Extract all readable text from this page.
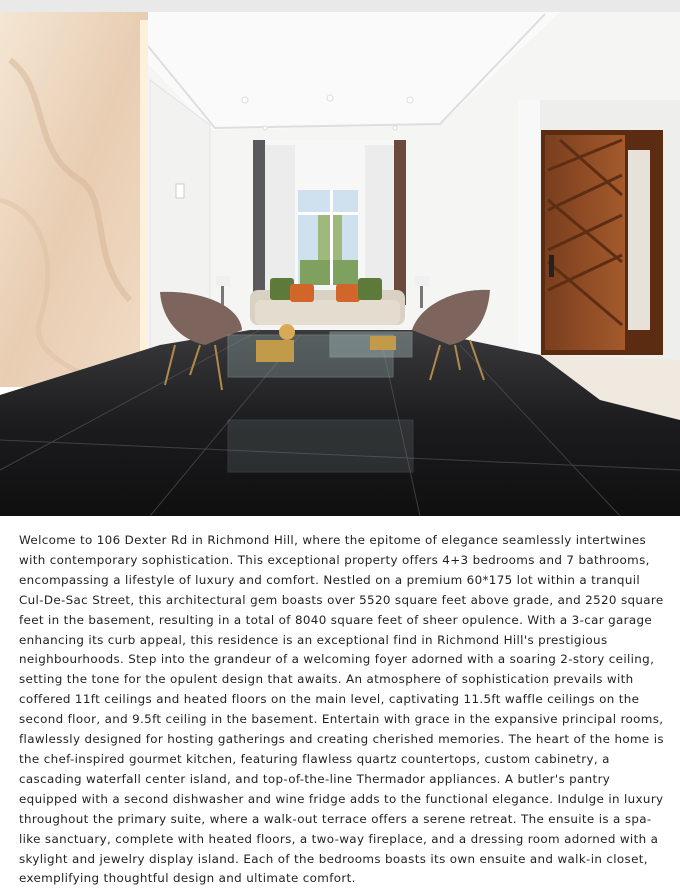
Welcome to 106 Dexter Rd in Richmond Hill, where the epitome of elegance seamlessly intertwines with contemporary sophistication. This exceptional property offers 4+3 bedrooms and 7 bathrooms, encompassing a lifestyle of luxury and comfort. Nestled on a premium 60*175 lot within a tranquil Cul-De-Sac Street, this architectural gem boasts over 5520 square feet above grade, and 2520 square feet in the basement, resulting in a total of 8040 square feet of sheer opulence. With a 3-car garage enhancing its curb appeal, this residence is an exceptional find in Richmond Hill's prestigious neighbourhoods. Step into the grandeur of a welcoming foyer adorned with a soaring 2-story ceiling, setting the tone for the opulent design that awaits. An atmosphere of sophistication prevails with coffered 11ft ceilings and heated floors on the main level, captivating 11.5ft waffle ceilings on the second floor, and 9.5ft ceiling in the basement. Entertain with grace in the expansive principal rooms, flawlessly designed for hosting gatherings and creating cherished memories. The heart of the home is the chef-inspired gourmet kitchen, featuring flawless quartz countertops, custom cabinetry, a cascading waterfall center island, and top-of-the-line Thermador appliances. A butler's pantry equipped with a second dishwasher and wine fridge adds to the functional elegance. Indulge in luxury throughout the primary suite, where a walk-out terrace offers a serene retreat. The ensuite is a spa-like sanctuary, complete with heated floors, a two-way fireplace, and a dressing room adorned with a skylight and jewelry display island. Each of the bedrooms boasts its own ensuite and walk-in closet, exemplifying thoughtful design and ultimate comfort.
